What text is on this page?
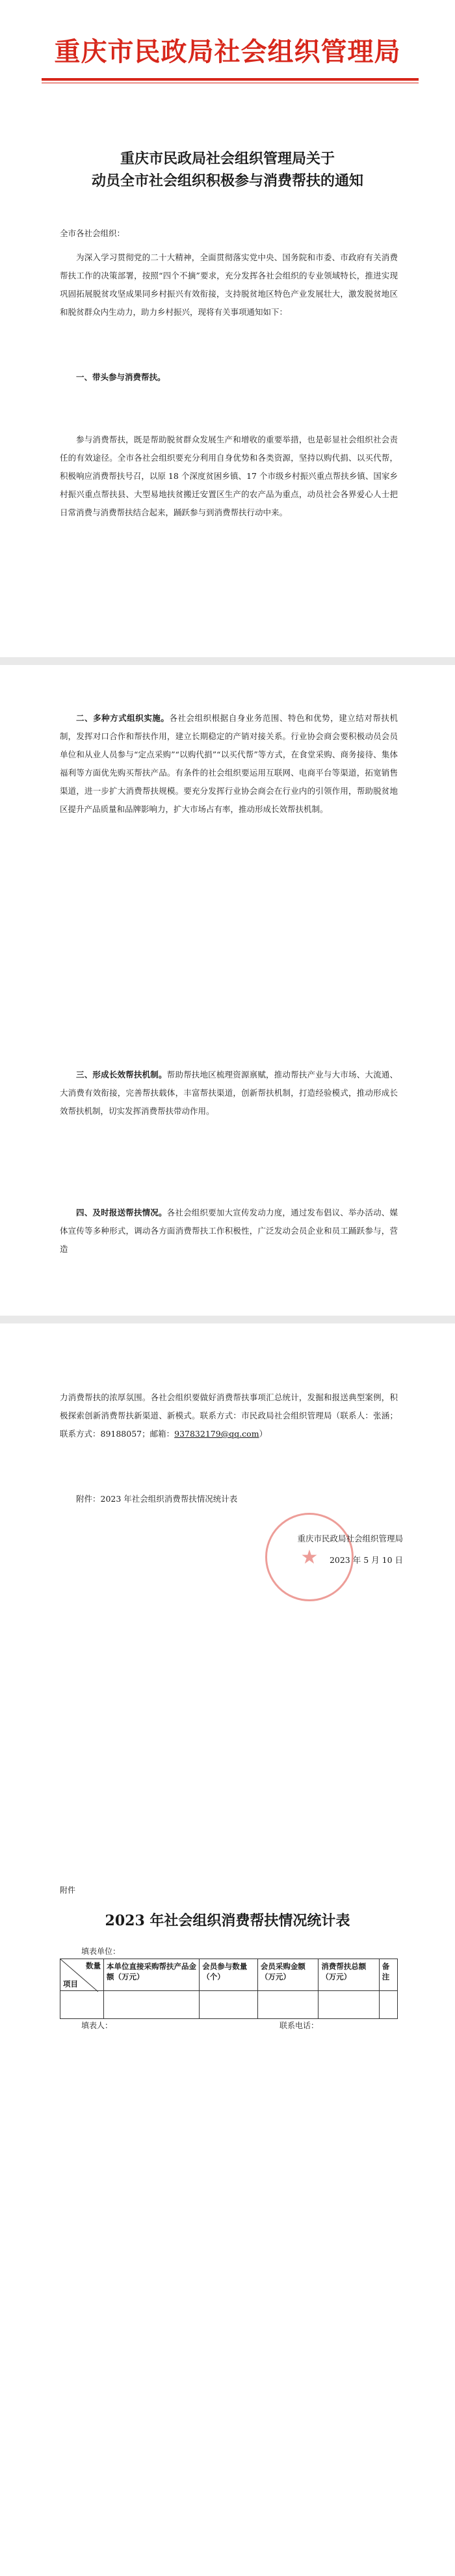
重庆市民政局社会组织管理局
重庆市民政局社会组织管理局关于
动员全市社会组织积极参与消费帮扶的通知

全市各社会组织：

为深入学习贯彻党的二十大精神，全面贯彻落实党中央、国务院和市委、市政府有关消费帮扶工作的决策部署，按照“四个不摘”要求，充分发挥各社会组织的专业领域特长，推进实现巩固拓展脱贫攻坚成果同乡村振兴有效衔接，支持脱贫地区特色产业发展壮大，激发脱贫地区和脱贫群众内生动力，助力乡村振兴，现将有关事项通知如下：

一、带头参与消费帮扶。

参与消费帮扶，既是帮助脱贫群众发展生产和增收的重要举措，也是彰显社会组织社会责任的有效途径。全市各社会组织要充分利用自身优势和各类资源，坚持以购代捐、以买代帮，积极响应消费帮扶号召，以原 18 个深度贫困乡镇、17 个市级乡村振兴重点帮扶乡镇、国家乡村振兴重点帮扶县、大型易地扶贫搬迁安置区生产的农产品为重点，动员社会各界爱心人士把日常消费与消费帮扶结合起来，踊跃参与到消费帮扶行动中来。

二、多种方式组织实施。各社会组织根据自身业务范围、特色和优势，建立结对帮扶机制，发挥对口合作和帮扶作用，建立长期稳定的产销对接关系。行业协会商会要积极动员会员单位和从业人员参与“定点采购”“以购代捐”“以买代帮”等方式，在食堂采购、商务接待、集体福利等方面优先购买帮扶产品。有条件的社会组织要运用互联网、电商平台等渠道，拓宽销售渠道，进一步扩大消费帮扶规模。要充分发挥行业协会商会在行业内的引领作用，帮助脱贫地区提升产品质量和品牌影响力，扩大市场占有率，推动形成长效帮扶机制。

三、形成长效帮扶机制。帮助帮扶地区梳理资源禀赋，推动帮扶产业与大市场、大流通、大消费有效衔接，完善帮扶载体，丰富帮扶渠道，创新帮扶机制，打造经验模式，推动形成长效帮扶机制，切实发挥消费帮扶带动作用。

四、及时报送帮扶情况。各社会组织要加大宣传发动力度，通过发布倡议、举办活动、媒体宣传等多种形式，调动各方面消费帮扶工作积极性，广泛发动会员企业和员工踊跃参与，营造

力消费帮扶的浓厚氛围。各社会组织要做好消费帮扶事项汇总统计，发掘和报送典型案例，积极探索创新消费帮扶新渠道、新模式。联系方式：市民政局社会组织管理局（联系人：张涵；联系方式：89188057；邮箱：937832179@qq.com）

附件：2023 年社会组织消费帮扶情况统计表
★
重庆市民政局社会组织管理局
2023 年 5 月 10 日
附件
2023 年社会组织消费帮扶情况统计表
填表单位：
数量
项目	本单位直接采购帮扶产品金额（万元）	会员参与数量（个）	会员采购金额（万元）	消费帮扶总额（万元）	备注

填表人：	联系电话：
